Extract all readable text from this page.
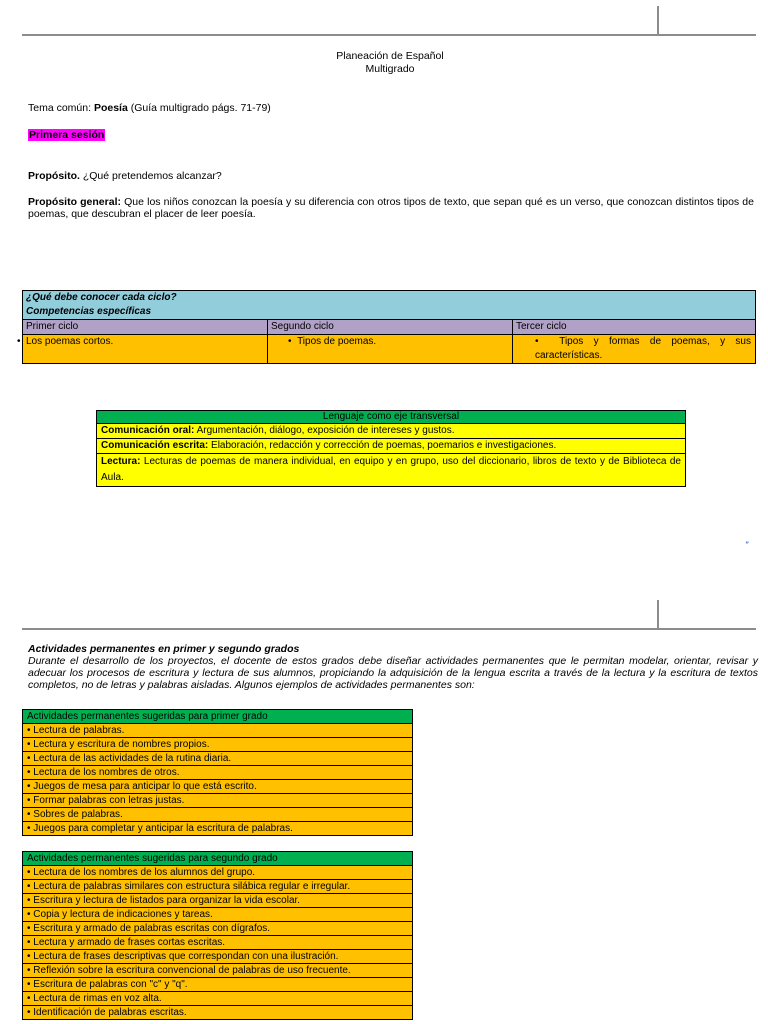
Planeación de Español
Multigrado
Tema común: Poesía (Guía multigrado págs. 71-79)
Primera sesión
Propósito. ¿Qué pretendemos alcanzar?
Propósito general: Que los niños conozcan la poesía y su diferencia con otros tipos de texto, que sepan qué es un verso, que conozcan distintos tipos de poemas, que descubran el placer de leer poesía.
¿Qué debe conocer cada ciclo?
Competencias específicas
Primer ciclo	Segundo ciclo	Tercer ciclo
• Los poemas cortos.	•  Tipos de poemas.	•  Tipos y formas de poemas, y sus características.
Lenguaje como eje transversal
Comunicación oral: Argumentación, diálogo, exposición de intereses y gustos.
Comunicación escrita: Elaboración, redacción y corrección de poemas, poemarios e investigaciones.
Lectura: Lecturas de poemas de manera individual, en equipo y en grupo, uso del diccionario, libros de texto y de Biblioteca de Aula.
"
Actividades permanentes en primer y segundo grados
Durante el desarrollo de los proyectos, el docente de estos grados debe diseñar actividades permanentes que le permitan modelar, orientar, revisar y adecuar los procesos de escritura y lectura de sus alumnos, propiciando la adquisición de la lengua escrita a través de la lectura y la escritura de textos completos, no de letras y palabras aisladas. Algunos ejemplos de actividades permanentes son:
Actividades permanentes sugeridas para primer grado
• Lectura de palabras.
• Lectura y escritura de nombres propios.
• Lectura de las actividades de la rutina diaria.
• Lectura de los nombres de otros.
• Juegos de mesa para anticipar lo que está escrito.
• Formar palabras con letras justas.
• Sobres de palabras.
• Juegos para completar y anticipar la escritura de palabras.
Actividades permanentes sugeridas para segundo grado
• Lectura de los nombres de los alumnos del grupo.
• Lectura de palabras similares con estructura silábica regular e irregular.
• Escritura y lectura de listados para organizar la vida escolar.
• Copia y lectura de indicaciones y tareas.
• Escritura y armado de palabras escritas con dígrafos.
• Lectura y armado de frases cortas escritas.
• Lectura de frases descriptivas que correspondan con una ilustración.
• Reflexión sobre la escritura convencional de palabras de uso frecuente.
• Escritura de palabras con "c" y "q".
• Lectura de rimas en voz alta.
• Identificación de palabras escritas.
